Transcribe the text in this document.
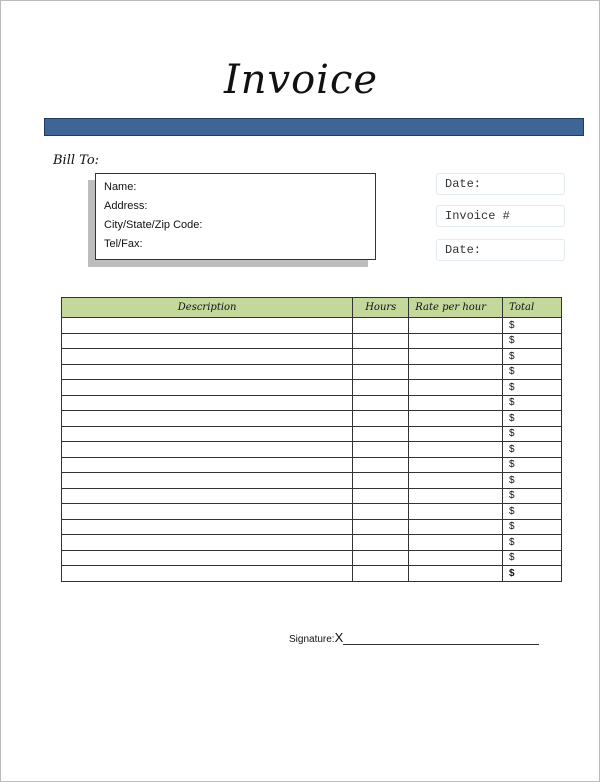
Invoice
Bill To:
Name:
Address:
City/State/Zip Code:
Tel/Fax:
Date:
Invoice #
Date:
Description	Hours	Rate per hour	Total
			$
			$
			$
			$
			$
			$
			$
			$
			$
			$
			$
			$
			$
			$
			$
			$
			$
Signature:X
